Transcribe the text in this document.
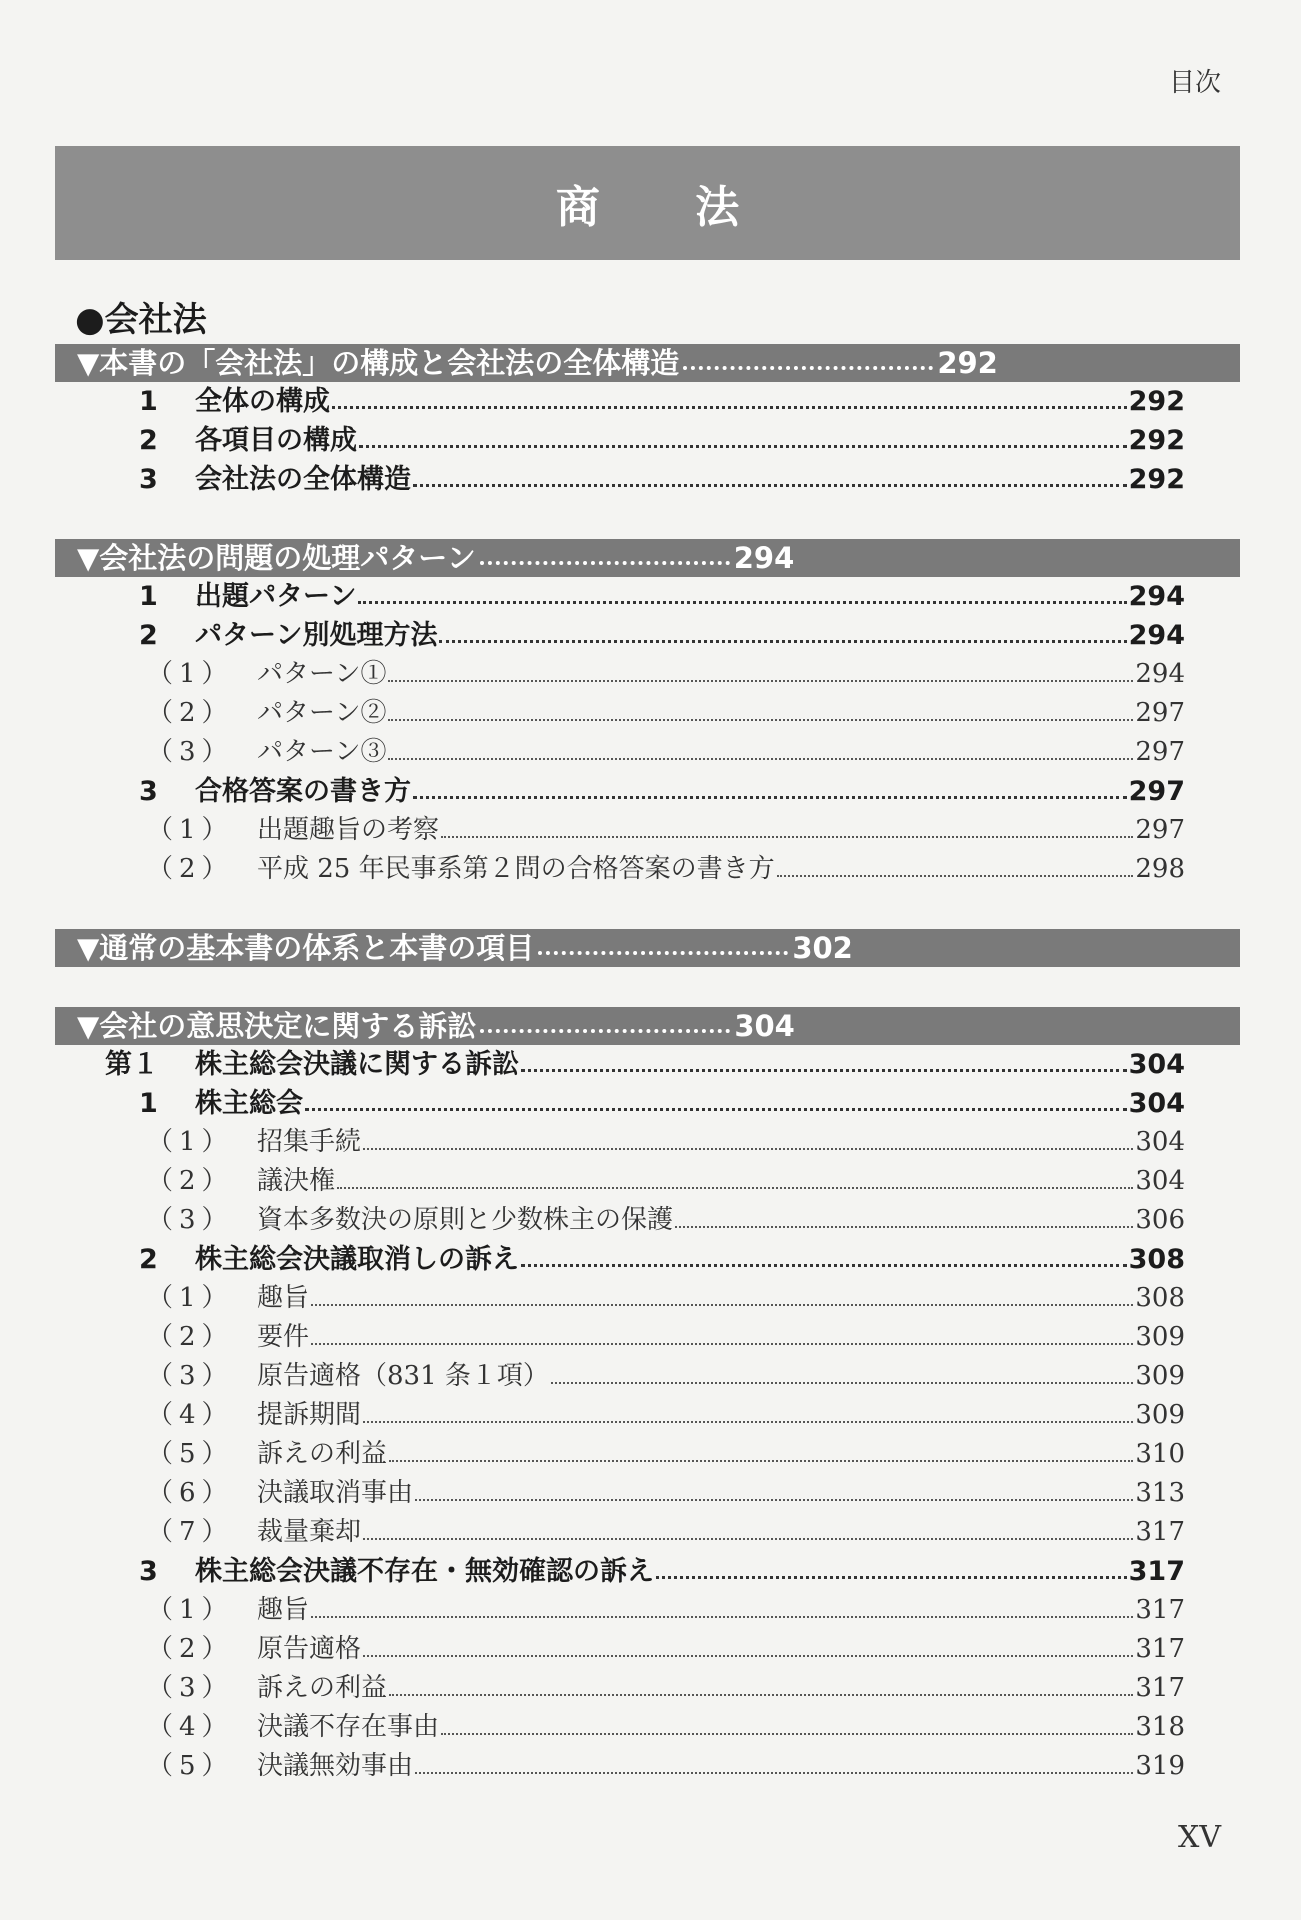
目次
商 法
●会社法
▼本書の「会社法」の構成と会社法の全体構造	292
1	全体の構成	292
2	各項目の構成	292
3	会社法の全体構造	292
▼会社法の問題の処理パターン	294
1	出題パターン	294
2	パターン別処理方法	294
（1） パターン①	294
（2） パターン②	297
（3） パターン③	297
3	合格答案の書き方	297
（1） 出題趣旨の考察	297
（2） 平成 25 年民事系第２問の合格答案の書き方	298
▼通常の基本書の体系と本書の項目	302
▼会社の意思決定に関する訴訟	304
第１	株主総会決議に関する訴訟	304
1	株主総会	304
（1） 招集手続	304
（2） 議決権	304
（3） 資本多数決の原則と少数株主の保護	306
2	株主総会決議取消しの訴え	308
（1） 趣旨	308
（2） 要件	309
（3） 原告適格（831 条１項）	309
（4） 提訴期間	309
（5） 訴えの利益	310
（6） 決議取消事由	313
（7） 裁量棄却	317
3	株主総会決議不存在・無効確認の訴え	317
（1） 趣旨	317
（2） 原告適格	317
（3） 訴えの利益	317
（4） 決議不存在事由	318
（5） 決議無効事由	319
XV
